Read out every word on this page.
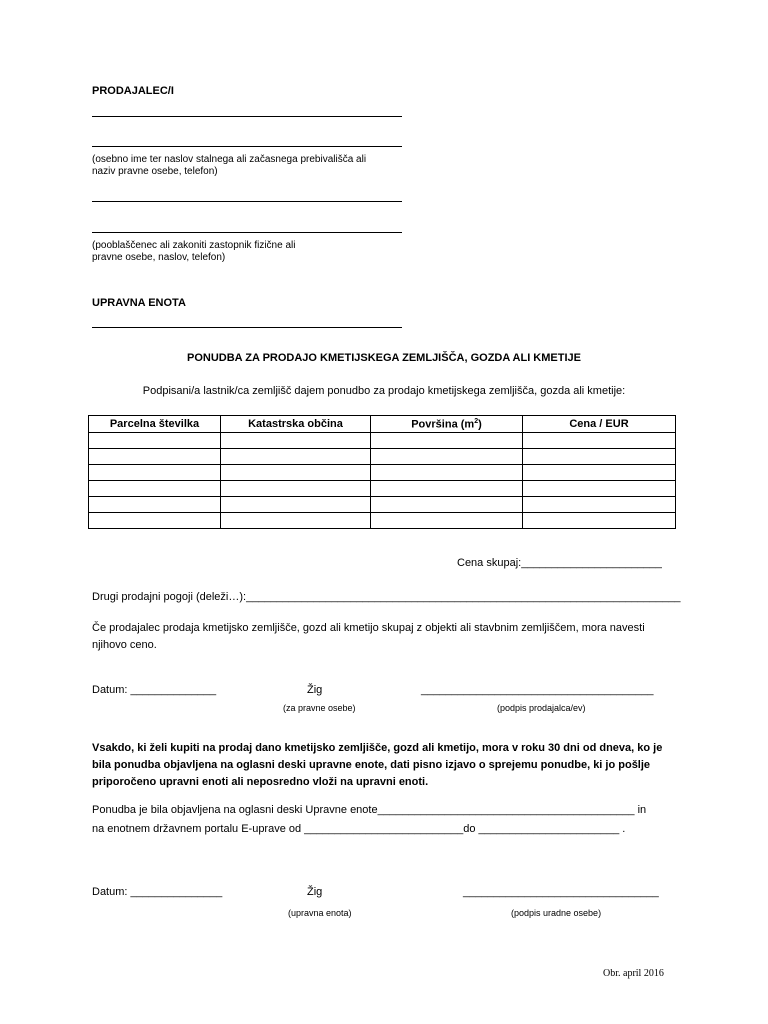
PRODAJALEC/I
(osebno ime ter naslov stalnega ali začasnega prebivališča ali
naziv pravne osebe, telefon)
(pooblaščenec ali zakoniti zastopnik fizične ali
pravne osebe, naslov, telefon)
UPRAVNA ENOTA
PONUDBA ZA PRODAJO KMETIJSKEGA ZEMLJIŠČA, GOZDA ALI KMETIJE
Podpisani/a lastnik/ca zemljišč dajem ponudbo za prodajo kmetijskega zemljišča, gozda ali kmetije:
Parcelna številka	Katastrska občina	Površina $(m^2)$	Cena / EUR

Cena skupaj:_______________________
Drugi prodajni pogoji (deleži…):_______________________________________________________________________
Če prodajalec prodaja kmetijsko zemljišče, gozd ali kmetijo skupaj z objekti ali stavbnim zemljiščem, mora navesti njihovo ceno.
Datum: ______________	Žig
(za pravne osebe)
______________________________________
(podpis prodajalca/ev)
Vsakdo, ki želi kupiti na prodaj dano kmetijsko zemljišče, gozd ali kmetijo, mora v roku 30 dni od dneva, ko je bila ponudba objavljena na oglasni deski upravne enote, dati pisno izjavo o sprejemu ponudbe, ki jo pošlje priporočeno upravni enoti ali neposredno vloži na upravni enoti.
Ponudba je bila objavljena na oglasni deski Upravne enote__________________________________________ in
na enotnem državnem portalu E-uprave od __________________________do _______________________ .
Datum: _______________	Žig
(upravna enota)
________________________________
(podpis uradne osebe)
Obr. april 2016
